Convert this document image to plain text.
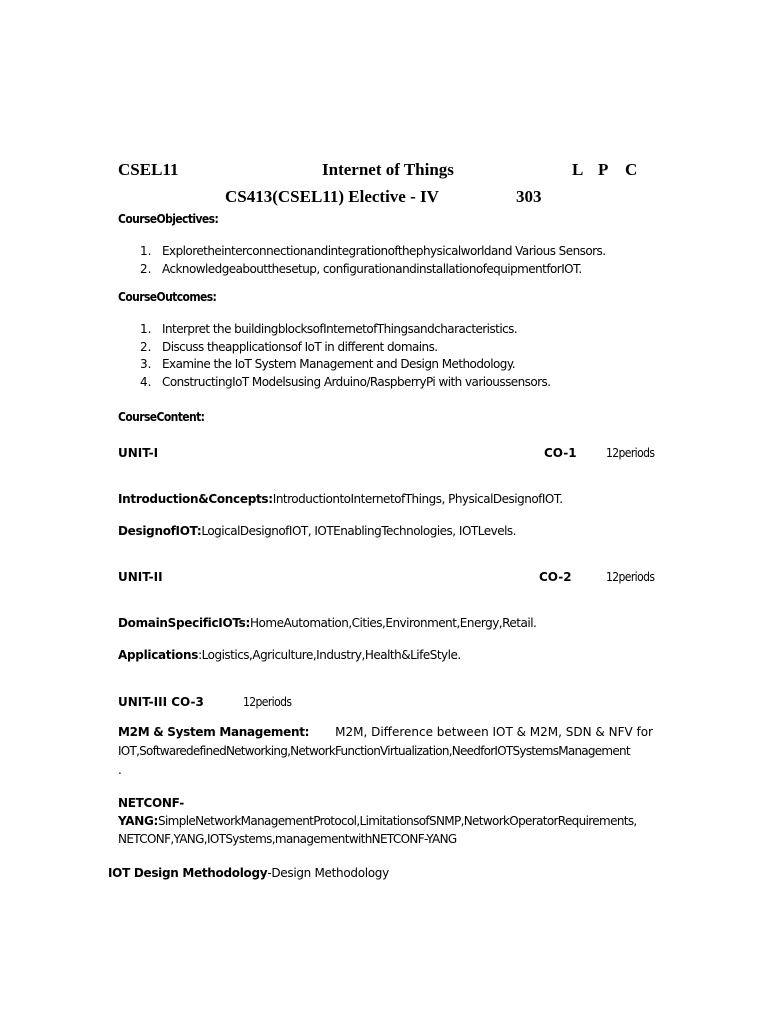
CSEL11	Internet of Things	L P C
CS413(CSEL11) Elective - IV	303
CourseObjectives:
1. Exploretheinterconnectionandintegrationofthephysicalworldand Various Sensors.
2. Acknowledgeaboutthesetup, configurationandinstallationofequipmentforIOT.
CourseOutcomes:
1. Interpret the buildingblocksofInternetofThingsandcharacteristics.
2. Discuss theapplicationsof IoT in different domains.
3. Examine the IoT System Management and Design Methodology.
4. ConstructingIoT Modelsusing Arduino/RaspberryPi with varioussensors.
CourseContent:
UNIT-I	CO-1 12periods
Introduction&Concepts:IntroductiontoInternetofThings, PhysicalDesignofIOT.
DesignofIOT:LogicalDesignofIOT, IOTEnablingTechnologies, IOTLevels.
UNIT-II	CO-2	12periods
DomainSpecificIOTs:HomeAutomation,Cities,Environment,Energy,Retail.
Applications:Logistics,Agriculture,Industry,Health&LifeStyle.
UNIT-III CO-3	12periods
M2M & System Management: M2M, Difference between IOT & M2M, SDN & NFV for
IOT,SoftwaredefinedNetworking,NetworkFunctionVirtualization,NeedforIOTSystemsManagement
.
NETCONF-
YANG:SimpleNetworkManagementProtocol,LimitationsofSNMP,NetworkOperatorRequirements,
NETCONF,YANG,IOTSystems,managementwithNETCONF-YANG
IOT Design Methodology-Design Methodology
